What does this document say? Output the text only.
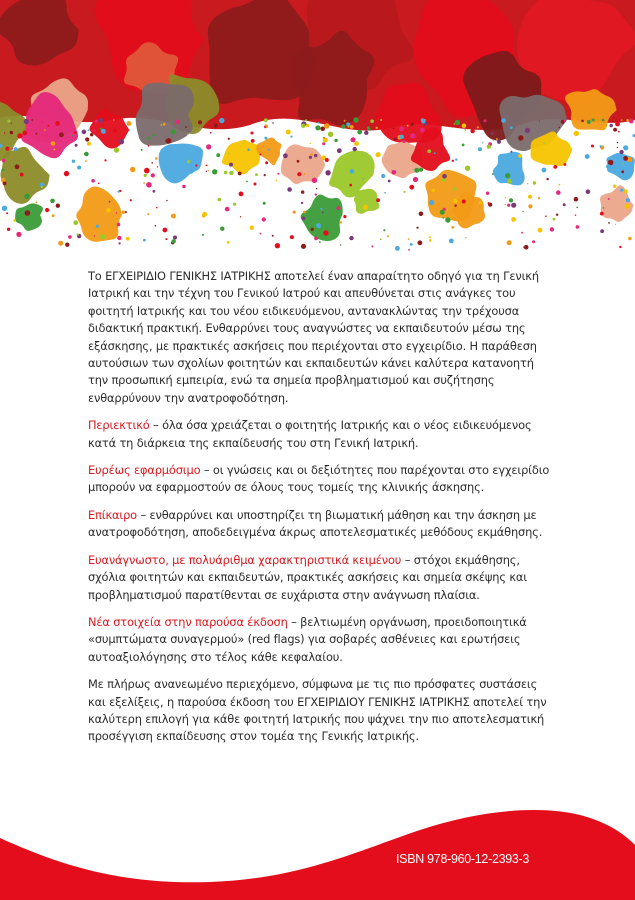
Το ΕΓΧΕΙΡΙΔΙΟ ΓΕΝΙΚΗΣ ΙΑΤΡΙΚΗΣ αποτελεί έναν απαραίτητο οδηγό για τη Γενική Ιατρική και την τέχνη του Γενικού Ιατρού και απευθύνεται στις ανάγκες του φοιτητή Ιατρικής και του νέου ειδικευόμενου, αντανακλώντας την τρέχουσα διδακτική πρακτική. Ενθαρρύνει τους αναγνώστες να εκπαιδευτούν μέσω της εξάσκησης, με πρακτικές ασκήσεις που περιέχονται στο εγχειρίδιο. Η παράθεση αυτούσιων των σχολίων φοιτητών και εκπαιδευτών κάνει καλύτερα κατανοητή την προσωπική εμπειρία, ενώ τα σημεία προβληματισμού και συζήτησης ενθαρρύνουν την ανατροφοδότηση.

Περιεκτικό – όλα όσα χρειάζεται ο φοιτητής Ιατρικής και ο νέος ειδικευόμενος κατά τη διάρκεια της εκπαίδευσής του στη Γενική Ιατρική.

Ευρέως εφαρμόσιμο – οι γνώσεις και οι δεξιότητες που παρέχονται στο εγχειρίδιο μπορούν να εφαρμοστούν σε όλους τους τομείς της κλινικής άσκησης.

Επίκαιρο – ενθαρρύνει και υποστηρίζει τη βιωματική μάθηση και την άσκηση με ανατροφοδότηση, αποδεδειγμένα άκρως αποτελεσματικές μεθόδους εκμάθησης.

Ευανάγνωστο, με πολυάριθμα χαρακτηριστικά κειμένου – στόχοι εκμάθησης, σχόλια φοιτητών και εκπαιδευτών, πρακτικές ασκήσεις και σημεία σκέψης και προβληματισμού παρατίθενται σε ευχάριστα στην ανάγνωση πλαίσια.

Νέα στοιχεία στην παρούσα έκδοση – βελτιωμένη οργάνωση, προειδοποιητικά «συμπτώματα συναγερμού» (red flags) για σοβαρές ασθένειες και ερωτήσεις αυτοαξιολόγησης στο τέλος κάθε κεφαλαίου.

Με πλήρως ανανεωμένο περιεχόμενο, σύμφωνα με τις πιο πρόσφατες συστάσεις και εξελίξεις, η παρούσα έκδοση του ΕΓΧΕΙΡΙΔΙΟΥ ΓΕΝΙΚΗΣ ΙΑΤΡΙΚΗΣ αποτελεί την καλύτερη επιλογή για κάθε φοιτητή Ιατρικής που ψάχνει την πιο αποτελεσματική προσέγγιση εκπαίδευσης στον τομέα της Γενικής Ιατρικής.

ISBN 978-960-12-2393-3
